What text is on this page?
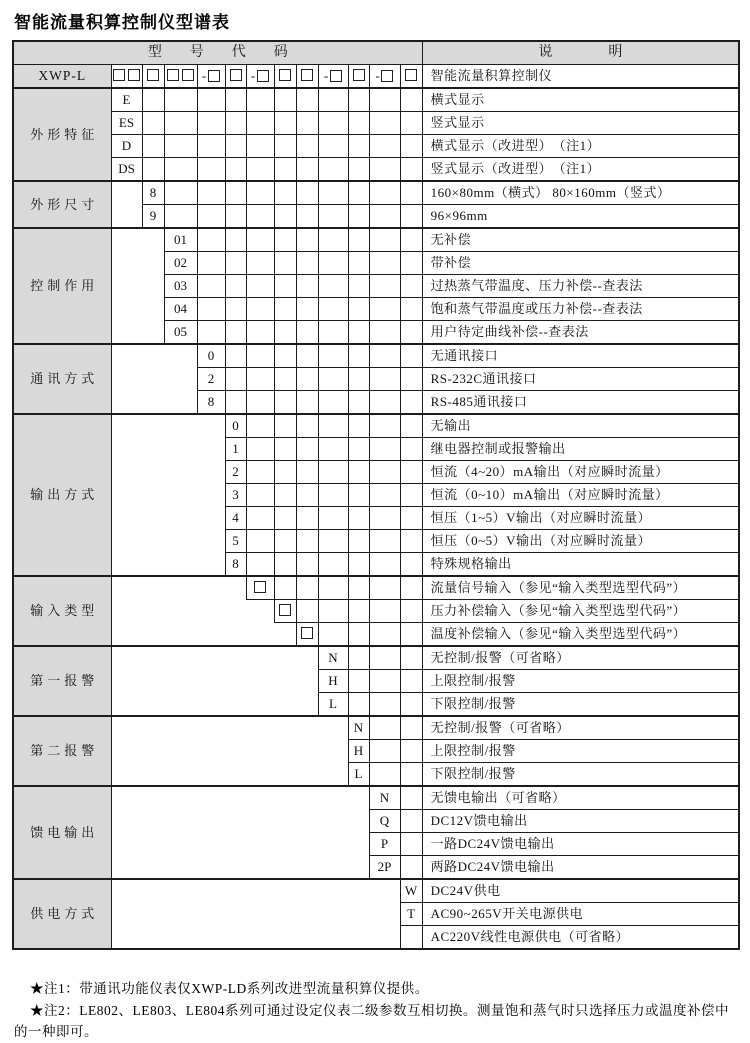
智能流量积算控制仪型谱表
型　　号　　代　　码													说　　　　明
XWP-L				-		-			-		-		智能流量积算控制仪
外形特征	E												横式显示
	ES												竖式显示
	D												横式显示（改进型）　（注1）
	DS												竖式显示（改进型）　（注1）
外形尺寸		8											160×80mm（横式） 80×160mm（竖式）
		9											96×96mm
控制作用			01										无补偿
			02										带补偿
			03										过热蒸气带温度、压力补偿--查表法
			04										饱和蒸气带温度或压力补偿--查表法
			05										用户待定曲线补偿--查表法
通讯方式				0									无通讯接口
				2									RS-232C通讯接口
				8									RS-485通讯接口
输出方式					0								无输出
					1								继电器控制或报警输出
					2								恒流（4~20）mA输出（对应瞬时流量）
					3								恒流（0~10）mA输出（对应瞬时流量）
					4								恒压（1~5）V输出（对应瞬时流量）
					5								恒压（0~5）V输出（对应瞬时流量）
					8								特殊规格输出
输入类型													流量信号输入（参见“输入类型选型代码”）
													压力补偿输入（参见“输入类型选型代码”）
													温度补偿输入（参见“输入类型选型代码”）
第一报警									N				无控制/报警（可省略）
									H				上限控制/报警
									L				下限控制/报警
第二报警										N			无控制/报警（可省略）
										H			上限控制/报警
										L			下限控制/报警
馈电输出											N		无馈电输出（可省略）
											Q		DC12V馈电输出
											P		一路DC24V馈电输出
											2P		两路DC24V馈电输出
供电方式												W	DC24V供电
												T	AC90~265V开关电源供电
													AC220V线性电源供电（可省略）

★注1：带通讯功能仪表仅XWP-LD系列改进型流量积算仪提供。

★注2：LE802、LE803、LE804系列可通过设定仪表二级参数互相切换。测量饱和蒸气时只选择压力或温度补偿中的一种即可。
